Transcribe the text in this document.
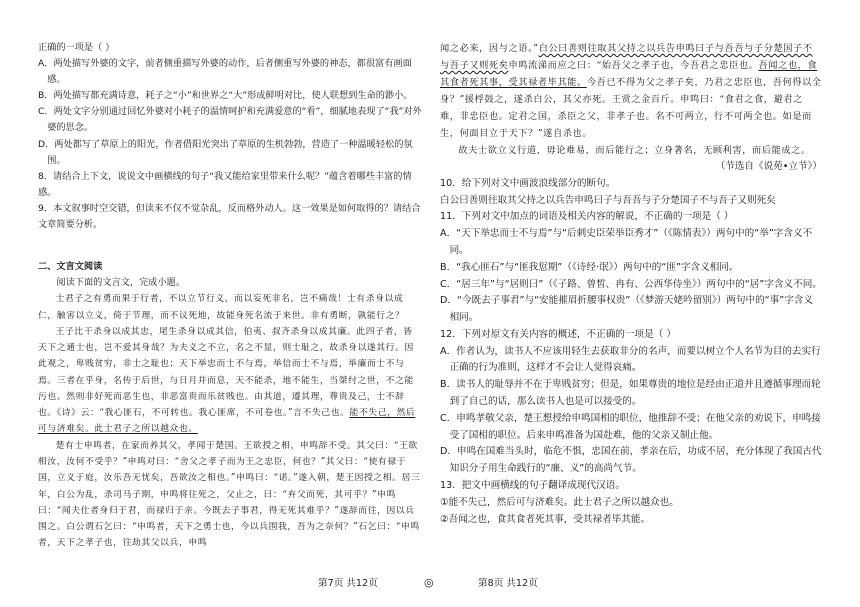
正确的一项是（ ）

A．两处描写外婆的文字，前者侧重描写外婆的动作，后者侧重写外婆的神态，都很富有画面感。

B．两处描写都充满诗意，耗子之“小”和世界之“大”形成鲜明对比，使人联想到生命的渺小。

C．两处文字分别通过回忆外婆对小耗子的温情呵护和充满爱意的“看”，细腻地表现了“我”对外婆的思念。

D．两处都写了草原上的阳光，作者借阳光突出了草原的生机勃勃，营造了一种温暖轻松的氛围。

8．请结合上下文，说说文中画横线的句子“我又能给家里带来什么呢？”蕴含着哪些丰富的情感。

9．本文叙事时空交错，但读来不仅不觉杂乱，反而格外动人。这一效果是如何取得的？请结合文章简要分析。

二、文言文阅读

阅读下面的文言文，完成小题。

士君子之有勇而果于行者，不以立节行义，而以妄死非名，岂不痛哉！士有杀身以成仁，触害以立义，倚于节理，而不议死地，故能身死名流于来世。非有勇断，孰能行之？

王子比干杀身以成其忠，尾生杀身以成其信，伯夷、叔齐杀身以成其廉。此四子者，皆天下之通士也，岂不爱其身哉？为夫义之不立，名之不显，则士耻之，故杀身以遂其行。因此观之，卑贱贫穷，非士之耻也；天下举忠而士不与焉，举信而士不与焉，举廉而士不与焉。三者在乎身，名传于后世，与日月并而息，天不能杀，地不能生，当桀纣之世，不之能污也。然则非好死而恶生也，非恶富贵而乐贫贱也。由其道，遵其理，尊贵及己，士不辞也。《诗》云：“我心匪石，不可转也。我心匪席，不可卷也。”言不失己也。能不失己，然后可与济难矣。此士君子之所以越众也。

楚有士申鸣者，在家而养其父，孝闻于楚国。王欲授之相，申鸣辞不受。其父曰：“王欲相汝，汝何不受乎？”申鸣对曰：“舍父之孝子而为王之忠臣，何也？”其父曰：“使有禄于国，立义于庭，汝乐吾无忧矣，吾欲汝之相也。”申鸣曰：“诺。”遂入朝，楚王因授之相。居三年，白公为乱，杀司马子期，申鸣将往死之，父止之，曰：“弃父而死，其可乎？”申鸣曰：“闻夫仕者身归于君，而禄归于亲。今既去子事君，得无死其难乎？”遂辞而往，因以兵围之。白公谓石乞曰：“申鸣者，天下之勇士也，今以兵围我，吾为之奈何？”石乞曰：“申鸣者，天下之孝子也，往劫其父以兵，申鸣

闻之必来，因与之语。”白公曰善则往取其父持之以兵告申鸣曰子与吾吾与子分楚国子不与吾子又则死矣申鸣流涕而应之曰：“始吾父之孝子也，今吾君之忠臣也。吾闻之也，食其食者死其事，受其禄者毕其能。今吾已不得为父之孝子矣，乃君之忠臣也，吾何得以全身？”援桴鼓之，遂杀白公，其父亦死。王赏之金百斤。申鸣曰：“食君之食，避君之难，非忠臣也。定君之国，杀臣之父，非孝子也。名不可两立，行不可两全也。如是而生，何面目立于天下？”遂自杀也。

故夫士欲立义行道，毋论难易，而后能行之；立身著名，无顾利害，而后能成之。

（节选自《说苑•立节》）

10．给下列对文中画波浪线部分的断句。

白公曰善则往取其父持之以兵告申鸣曰子与吾吾与子分楚国子不与吾子又则死矣

11．下列对文中加点的词语及相关内容的解说，不正确的一项是（ ）

A．“天下举忠而士不与焉”与“后刺史臣荣举臣秀才”（《陈情表》）两句中的“举”字含义不同。

B．“我心匪石”与“匪我愆期”（《诗经·氓》）两句中的“匪”字含义相同。

C．“居三年”与“居则曰”（《子路、曾皙、冉有、公西华侍坐》）两句中的“居”字含义不同。

D．“今既去子事君”与“安能摧眉折腰事权贵”（《梦游天姥吟留别》）两句中的“事”字含义相同。

12．下列对原文有关内容的概述，不正确的一项是（ ）

A．作者认为，读书人不应该用轻生去获取非分的名声，而要以树立个人名节为目的去实行正确的行为准则，这样才不会让人觉得哀痛。

B．读书人的耻辱并不在于卑贱贫穷；但是，如果尊贵的地位是经由正道并且遵循事理而轮到了自己的话，那么读书人也是可以接受的。

C．申鸣孝敬父亲，楚王想授给申鸣国相的职位，他推辞不受；在他父亲的劝说下，申鸣接受了国相的职位。后来申鸣准备为国赴难，他的父亲又制止他。

D．申鸣在国难当头时，临危不惧，忠国在前，孝亲在后，功成不居，充分体现了我国古代知识分子用生命践行的“廉、义”的高尚气节。

13．把文中画横线的句子翻译成现代汉语。

①能不失己，然后可与济难矣。此士君子之所以越众也。

②吾闻之也，食其食者死其事，受其禄者毕其能。

第7页 共12页	◎	第8页 共12页
